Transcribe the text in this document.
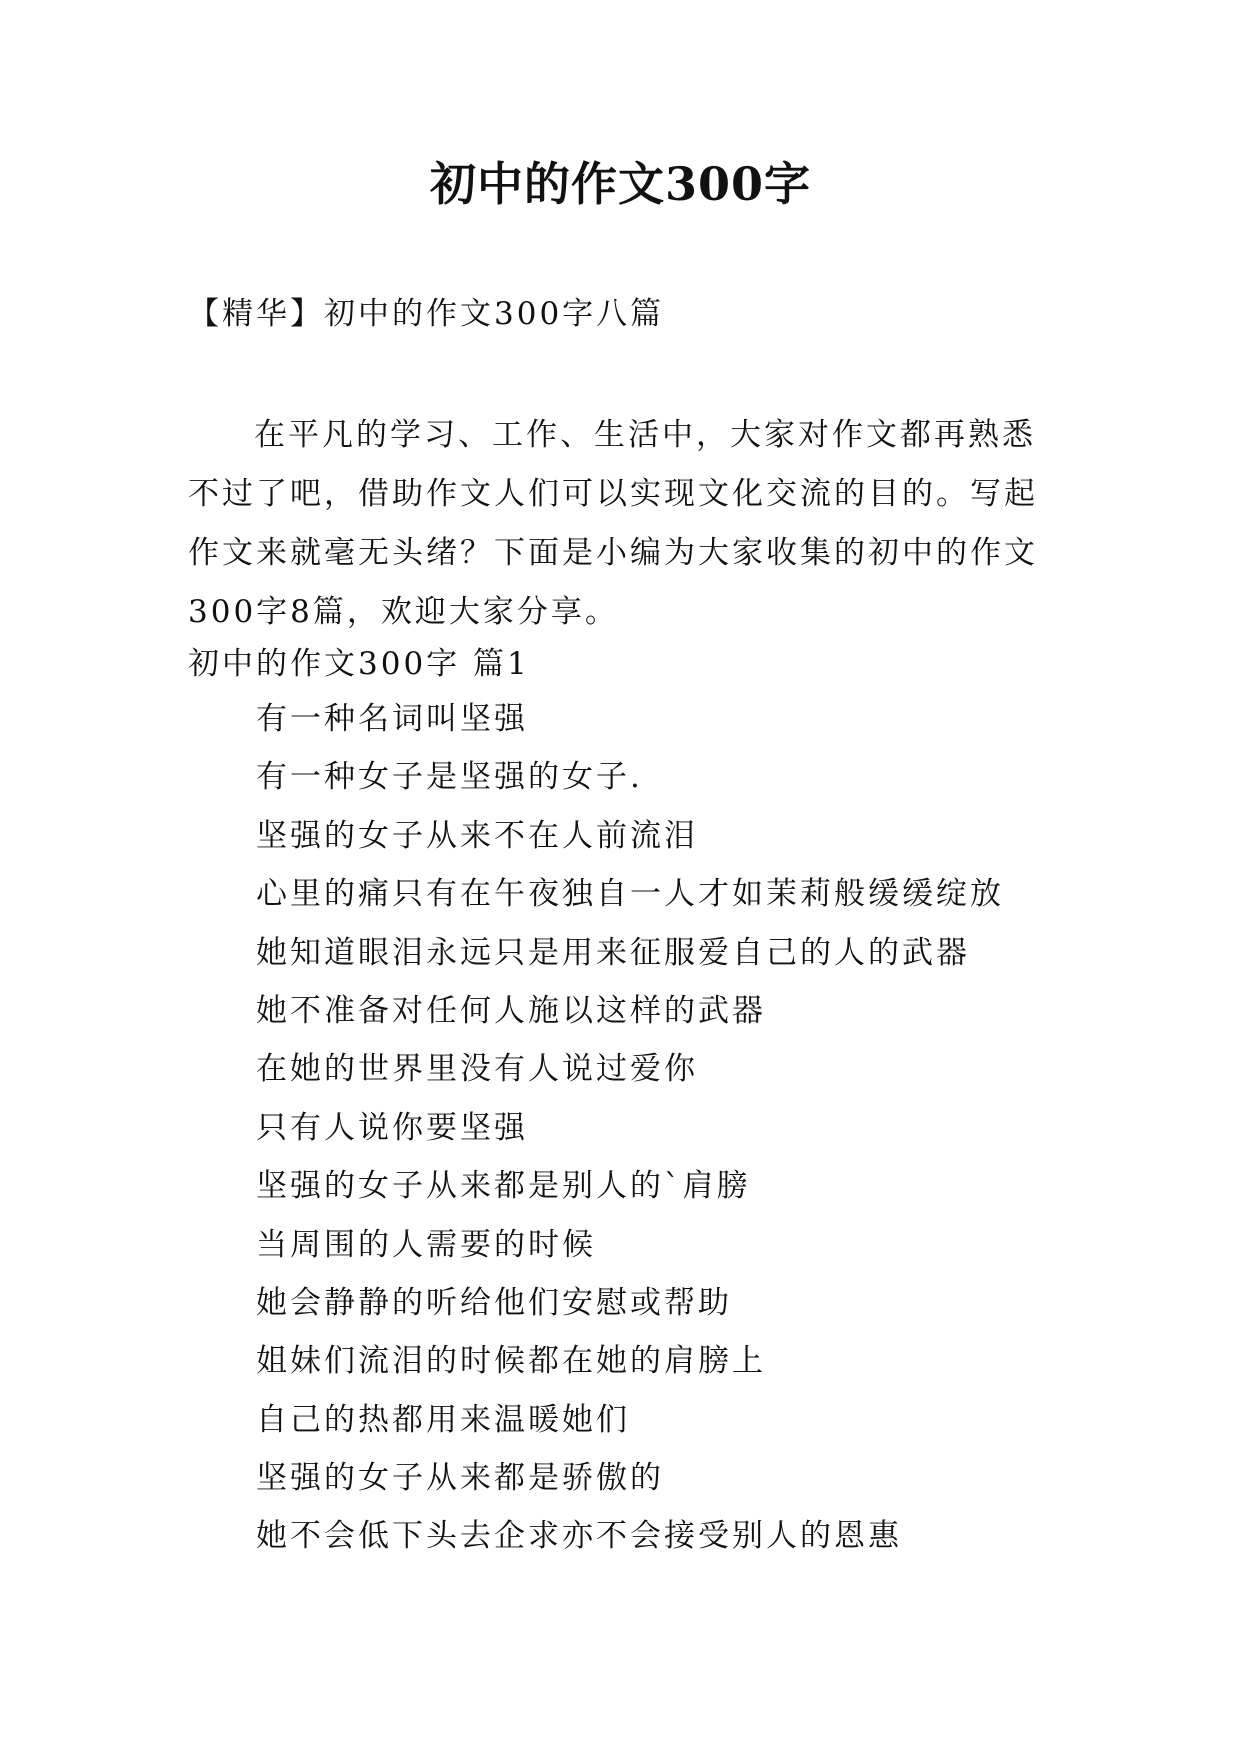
初中的作文300字
【精华】初中的作文300字八篇

在平凡的学习、工作、生活中，大家对作文都再熟悉不过了吧，借助作文人们可以实现文化交流的目的。写起作文来就毫无头绪？下面是小编为大家收集的初中的作文300字8篇，欢迎大家分享。

初中的作文300字 篇1
有一种名词叫坚强
有一种女子是坚强的女子.
坚强的女子从来不在人前流泪
心里的痛只有在午夜独自一人才如茉莉般缓缓绽放
她知道眼泪永远只是用来征服爱自己的人的武器
她不准备对任何人施以这样的武器
在她的世界里没有人说过爱你
只有人说你要坚强
坚强的女子从来都是别人的`肩膀
当周围的人需要的时候
她会静静的听给他们安慰或帮助
姐妹们流泪的时候都在她的肩膀上
自己的热都用来温暖她们
坚强的女子从来都是骄傲的
她不会低下头去企求亦不会接受别人的恩惠
